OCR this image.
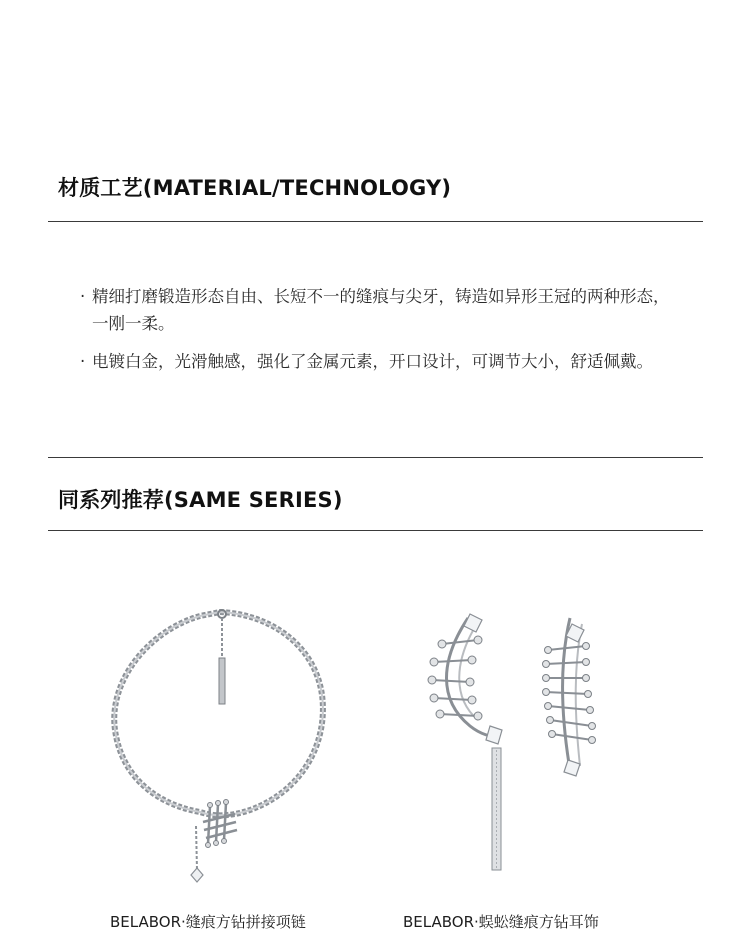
材质工艺(MATERIAL/TECHNOLOGY)
· 精细打磨锻造形态自由、长短不一的缝痕与尖牙，铸造如异形王冠的两种形态，一刚一柔。
· 电镀白金，光滑触感，强化了金属元素，开口设计，可调节大小，舒适佩戴。
同系列推荐(SAME SERIES)
BELABOR·缝痕方钻拼接项链	BELABOR·蜈蚣缝痕方钻耳饰
